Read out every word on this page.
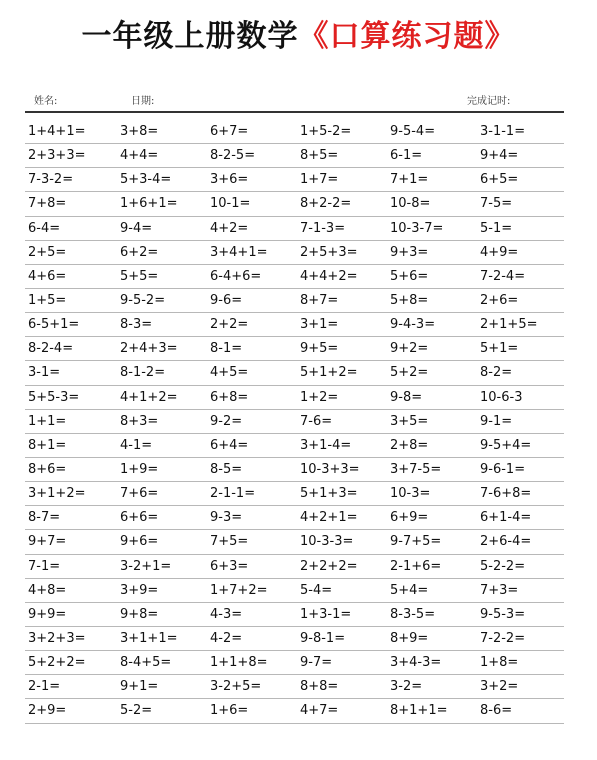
一年级上册数学《口算练习题》
姓名:	日期:	完成记时:
1+4+1=	3+8=	6+7=	1+5-2=	9-5-4=	3-1-1=
2+3+3=	4+4=	8-2-5=	8+5=	6-1=	9+4=
7-3-2=	5+3-4=	3+6=	1+7=	7+1=	6+5=
7+8=	1+6+1=	10-1=	8+2-2=	10-8=	7-5=
6-4=	9-4=	4+2=	7-1-3=	10-3-7=	5-1=
2+5=	6+2=	3+4+1=	2+5+3=	9+3=	4+9=
4+6=	5+5=	6-4+6=	4+4+2=	5+6=	7-2-4=
1+5=	9-5-2=	9-6=	8+7=	5+8=	2+6=
6-5+1=	8-3=	2+2=	3+1=	9-4-3=	2+1+5=
8-2-4=	2+4+3=	8-1=	9+5=	9+2=	5+1=
3-1=	8-1-2=	4+5=	5+1+2=	5+2=	8-2=
5+5-3=	4+1+2=	6+8=	1+2=	9-8=	10-6-3
1+1=	8+3=	9-2=	7-6=	3+5=	9-1=
8+1=	4-1=	6+4=	3+1-4=	2+8=	9-5+4=
8+6=	1+9=	8-5=	10-3+3= 3+7-5=	9-6-1=
3+1+2=	7+6=	2-1-1=	5+1+3=	10-3=	7-6+8=
8-7=	6+6=	9-3=	4+2+1=	6+9=	6+1-4=
9+7=	9+6=	7+5=	10-3-3=	9-7+5=	2+6-4=
7-1=	3-2+1=	6+3=	2+2+2=	2-1+6=	5-2-2=
4+8=	3+9=	1+7+2=	5-4=	5+4=	7+3=
9+9=	9+8=	4-3=	1+3-1=	8-3-5=	9-5-3=
3+2+3=	3+1+1=	4-2=	9-8-1=	8+9=	7-2-2=
5+2+2=	8-4+5=	1+1+8=	9-7=	3+4-3=	1+8=
2-1=	9+1=	3-2+5=	8+8=	3-2=	3+2=
2+9=	5-2=	1+6=	4+7=	8+1+1=	8-6=
